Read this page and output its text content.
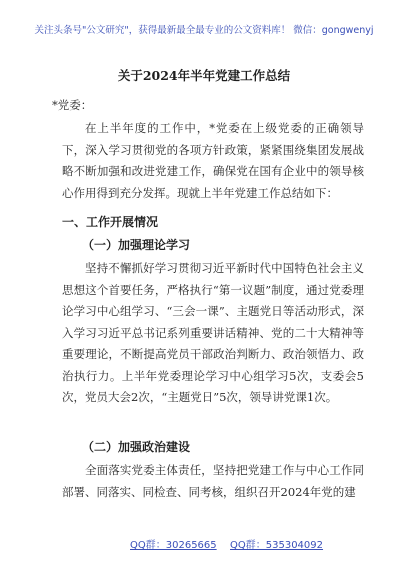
关注头条号"公文研究"，获得最新最全最专业的公文资料库！ 微信：gongwenyj
关于2024年半年党建工作总结
*党委：
在上半年度的工作中，*党委在上级党委的正确领导下，深入学习贯彻党的各项方针政策，紧紧围绕集团发展战略不断加强和改进党建工作，确保党在国有企业中的领导核心作用得到充分发挥。现就上半年党建工作总结如下：
一、工作开展情况
（一）加强理论学习
坚持不懈抓好学习贯彻习近平新时代中国特色社会主义思想这个首要任务，严格执行“第一议题”制度，通过党委理论学习中心组学习、“三会一课”、主题党日等活动形式，深入学习习近平总书记系列重要讲话精神、党的二十大精神等重要理论，不断提高党员干部政治判断力、政治领悟力、政治执行力。上半年党委理论学习中心组学习5次，支委会5次，党员大会2次，“主题党日”5次，领导讲党课1次。
（二）加强政治建设
全面落实党委主体责任，坚持把党建工作与中心工作同部署、同落实、同检查、同考核，组织召开2024年党的建
QQ群：30265665 QQ群：535304092
